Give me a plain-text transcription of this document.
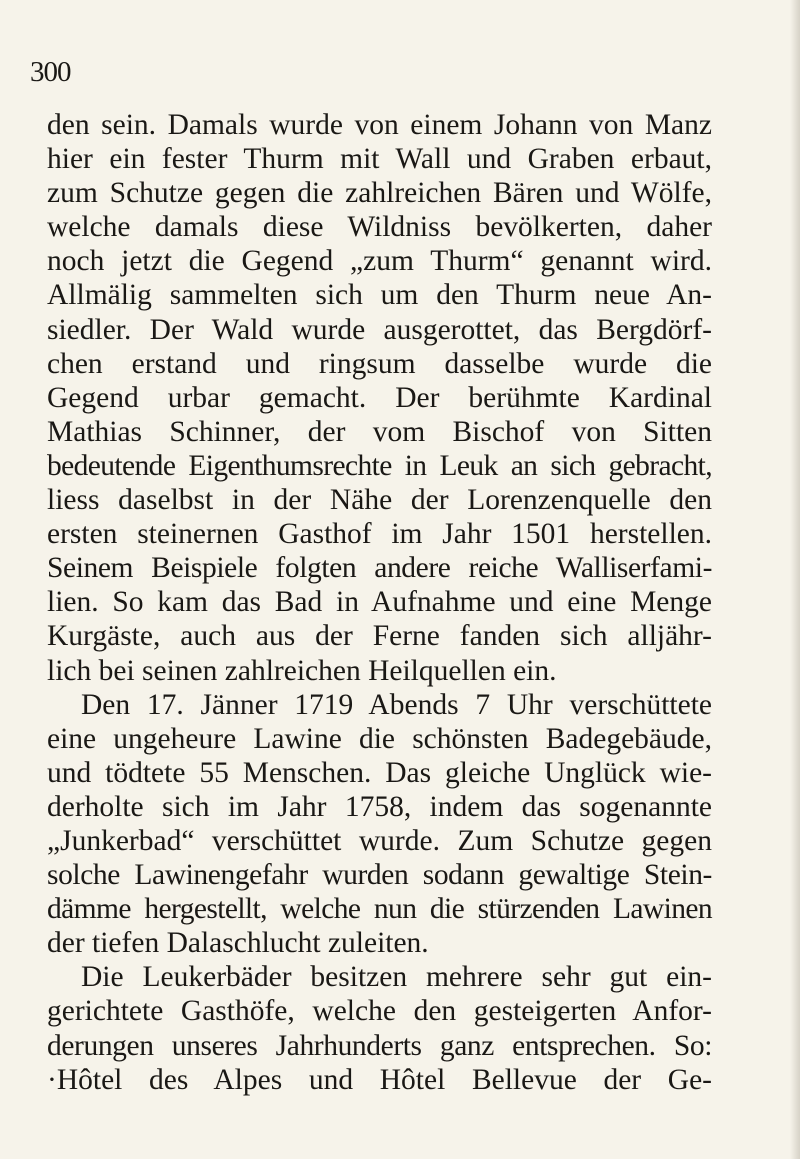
300
den sein. Damals wurde von einem Johann von Manz
hier ein fester Thurm mit Wall und Graben erbaut,
zum Schutze gegen die zahlreichen Bären und Wölfe,
welche damals diese Wildniss bevölkerten, daher
noch jetzt die Gegend „zum Thurm“ genannt wird.
Allmälig sammelten sich um den Thurm neue An-
siedler. Der Wald wurde ausgerottet, das Bergdörf-
chen erstand und ringsum dasselbe wurde die
Gegend urbar gemacht. Der berühmte Kardinal
Mathias Schinner, der vom Bischof von Sitten
bedeutende Eigenthumsrechte in Leuk an sich gebracht,
liess daselbst in der Nähe der Lorenzenquelle den
ersten steinernen Gasthof im Jahr 1501 herstellen.
Seinem Beispiele folgten andere reiche Walliserfami-
lien. So kam das Bad in Aufnahme und eine Menge
Kurgäste, auch aus der Ferne fanden sich alljähr-
lich bei seinen zahlreichen Heilquellen ein.
Den 17. Jänner 1719 Abends 7 Uhr verschüttete
eine ungeheure Lawine die schönsten Badegebäude,
und tödtete 55 Menschen. Das gleiche Unglück wie-
derholte sich im Jahr 1758, indem das sogenannte
„Junkerbad“ verschüttet wurde. Zum Schutze gegen
solche Lawinengefahr wurden sodann gewaltige Stein-
dämme hergestellt, welche nun die stürzenden Lawinen
der tiefen Dalaschlucht zuleiten.
Die Leukerbäder besitzen mehrere sehr gut ein-
gerichtete Gasthöfe, welche den gesteigerten Anfor-
derungen unseres Jahrhunderts ganz entsprechen. So:
·Hôtel des Alpes und Hôtel Bellevue der Ge-
